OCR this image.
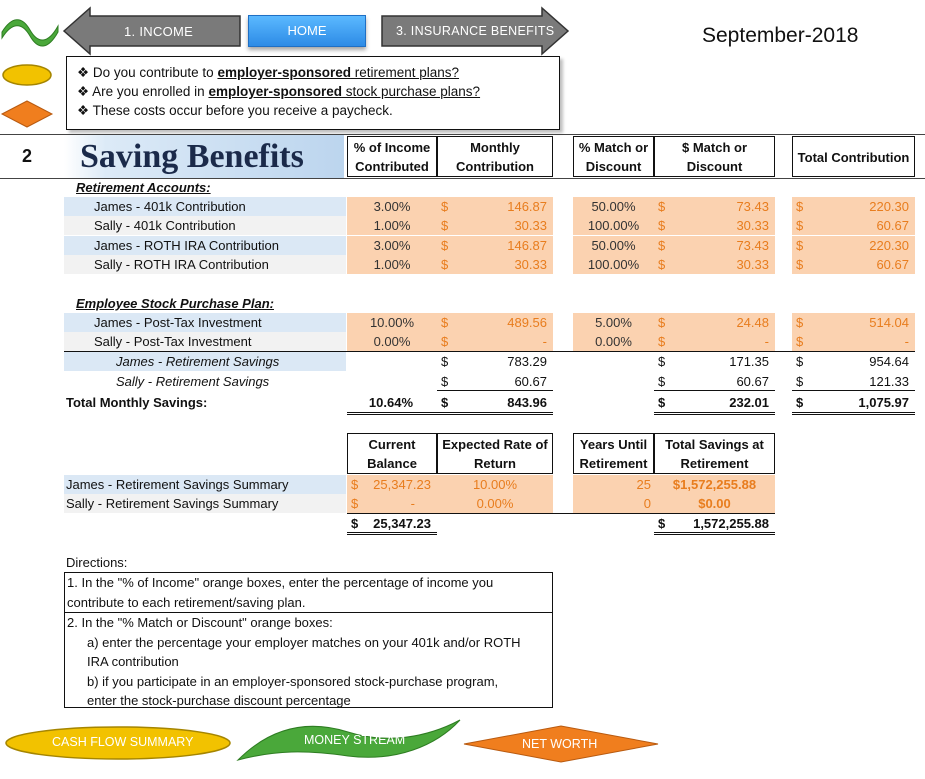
1. INCOME	HOME	3. INSURANCE BENEFITS	September-2018
❖ Do you contribute to employer-sponsored retirement plans?
❖ Are you enrolled in employer-sponsored stock purchase plans?
❖ These costs occur before you receive a paycheck.
2	Saving Benefits	% of Income Contributed
Monthly Contribution
% Match or Discount
$ Match or Discount
Total Contribution
Retirement Accounts:
James - 401k Contribution	3.00%	$	146.87	50.00%	$	73.43 $	220.30
Sally - 401k Contribution	1.00%	$	30.33	100.00%	$	30.33 $	60.67
James - ROTH IRA Contribution	3.00%	$	146.87	50.00%	$	73.43 $	220.30
Sally - ROTH IRA Contribution	1.00%	$	30.33	100.00%	$	30.33 $	60.67
Employee Stock Purchase Plan:
James - Post-Tax Investment	10.00%	$	489.56	5.00%	$	24.48 $	514.04
Sally - Post-Tax Investment	0.00%	$	-	0.00%	$	- $	-
James - Retirement Savings	$	783.29	$	171.35 $	954.64
Sally - Retirement Savings	$	60.67	$	60.67 $	121.33
Total Monthly Savings:	10.64%	$	843.96	$	232.01 $	1,075.97
Current Balance
Expected Rate of Return
Years Until Retirement
Total Savings at Retirement
James - Retirement Savings Summary	$ 25,347.23	10.00%	25	$1,572,255.88
Sally - Retirement Savings Summary	$	-	0.00%	0	$0.00
$ 25,347.23	$ 1,572,255.88
Directions:
1. In the "% of Income" orange boxes, enter the percentage of income you
contribute to each retirement/saving plan.
2. In the "% Match or Discount" orange boxes:
a) enter the percentage your employer matches on your 401k and/or ROTH
IRA contribution
b) if you participate in an employer-sponsored stock-purchase program,
enter the stock-purchase discount percentage
CASH FLOW SUMMARY	MONEY STREAM	NET WORTH
